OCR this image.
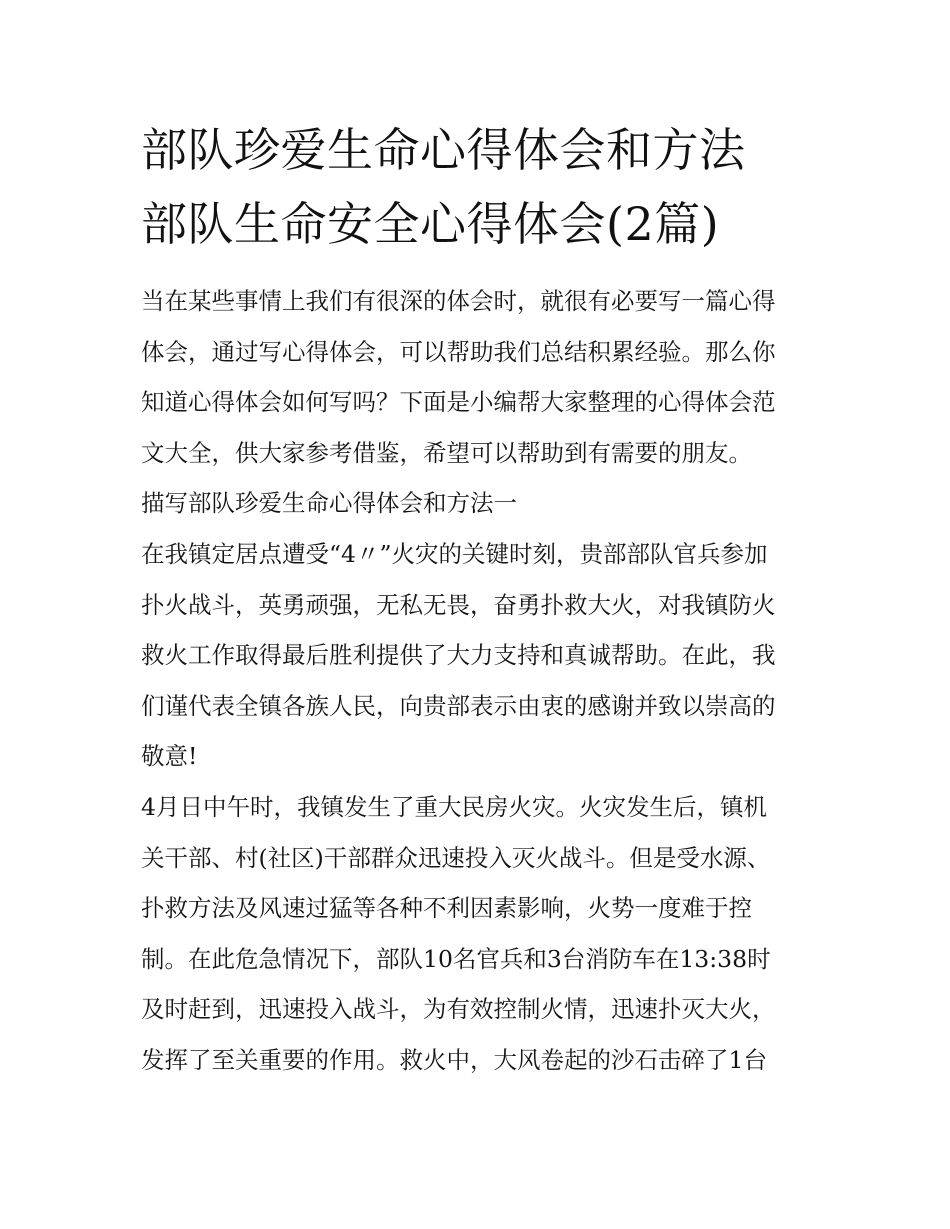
部队珍爱生命心得体会和方法
部队生命安全心得体会(2篇)
当在某些事情上我们有很深的体会时，就很有必要写一篇心得
体会，通过写心得体会，可以帮助我们总结积累经验。那么你
知道心得体会如何写吗？下面是小编帮大家整理的心得体会范
文大全，供大家参考借鉴，希望可以帮助到有需要的朋友。
描写部队珍爱生命心得体会和方法一
在我镇定居点遭受“4〃”火灾的关键时刻，贵部部队官兵参加
扑火战斗，英勇顽强，无私无畏，奋勇扑救大火，对我镇防火
救火工作取得最后胜利提供了大力支持和真诚帮助。在此，我
们谨代表全镇各族人民，向贵部表示由衷的感谢并致以崇高的
敬意!
4月日中午时，我镇发生了重大民房火灾。火灾发生后，镇机
关干部、村(社区)干部群众迅速投入灭火战斗。但是受水源、
扑救方法及风速过猛等各种不利因素影响，火势一度难于控
制。在此危急情况下，部队10名官兵和3台消防车在13:38时
及时赶到，迅速投入战斗，为有效控制火情，迅速扑灭大火，
发挥了至关重要的作用。救火中，大风卷起的沙石击碎了1台
